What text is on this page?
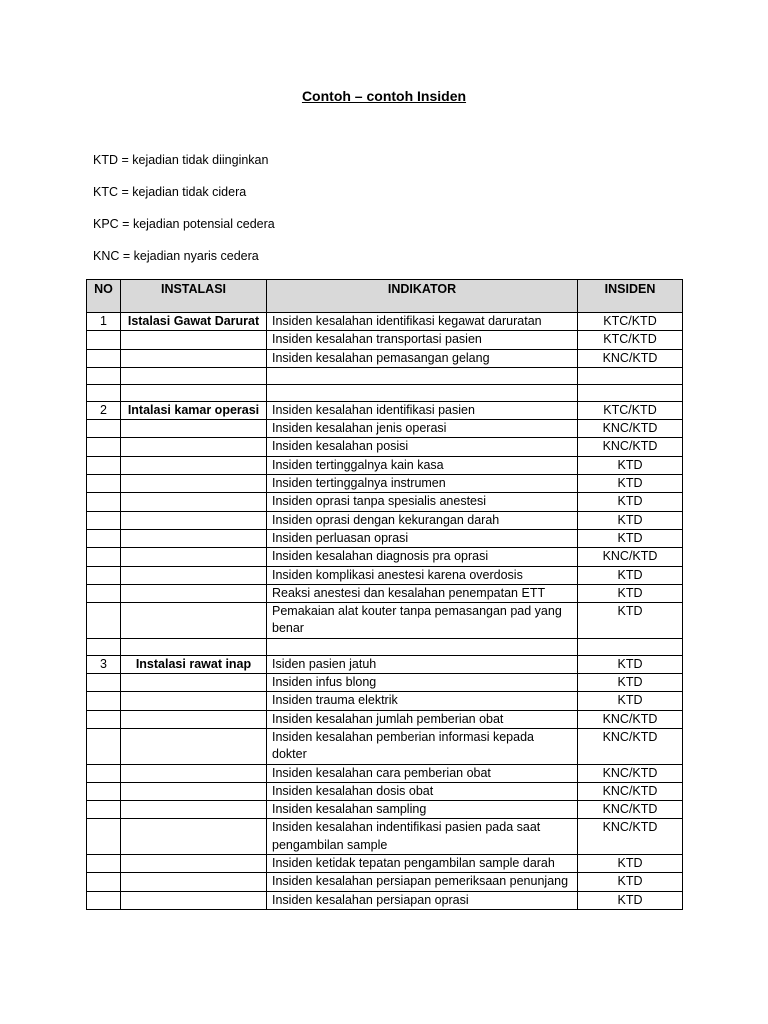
Contoh – contoh Insiden
KTD = kejadian tidak diinginkan
KTC = kejadian tidak cidera
KPC = kejadian potensial cedera
KNC = kejadian nyaris cedera
NO	INSTALASI	INDIKATOR	INSIDEN
1	Istalasi Gawat Darurat	Insiden kesalahan identifikasi kegawat daruratan	KTC/KTD
		Insiden kesalahan transportasi pasien	KTC/KTD
		Insiden kesalahan pemasangan gelang	KNC/KTD

2	Intalasi kamar operasi	Insiden kesalahan identifikasi pasien	KTC/KTD
		Insiden kesalahan jenis operasi	KNC/KTD
		Insiden kesalahan posisi	KNC/KTD
		Insiden tertinggalnya kain kasa	KTD
		Insiden tertinggalnya instrumen	KTD
		Insiden oprasi tanpa spesialis anestesi	KTD
		Insiden oprasi dengan kekurangan darah	KTD
		Insiden perluasan oprasi	KTD
		Insiden kesalahan diagnosis pra oprasi	KNC/KTD
		Insiden komplikasi anestesi karena overdosis	KTD
		Reaksi anestesi dan kesalahan penempatan ETT	KTD
		Pemakaian alat kouter tanpa pemasangan pad yang benar	KTD

3	Instalasi rawat inap	Isiden pasien jatuh	KTD
		Insiden infus blong	KTD
		Insiden trauma elektrik	KTD
		Insiden kesalahan jumlah pemberian obat	KNC/KTD
		Insiden kesalahan pemberian informasi kepada dokter	KNC/KTD
		Insiden kesalahan cara pemberian obat	KNC/KTD
		Insiden kesalahan dosis obat	KNC/KTD
		Insiden kesalahan sampling	KNC/KTD
		Insiden kesalahan indentifikasi pasien pada saat pengambilan sample	KNC/KTD
		Insiden ketidak tepatan pengambilan sample darah	KTD
		Insiden kesalahan persiapan pemeriksaan penunjang	KTD
		Insiden kesalahan persiapan oprasi	KTD
